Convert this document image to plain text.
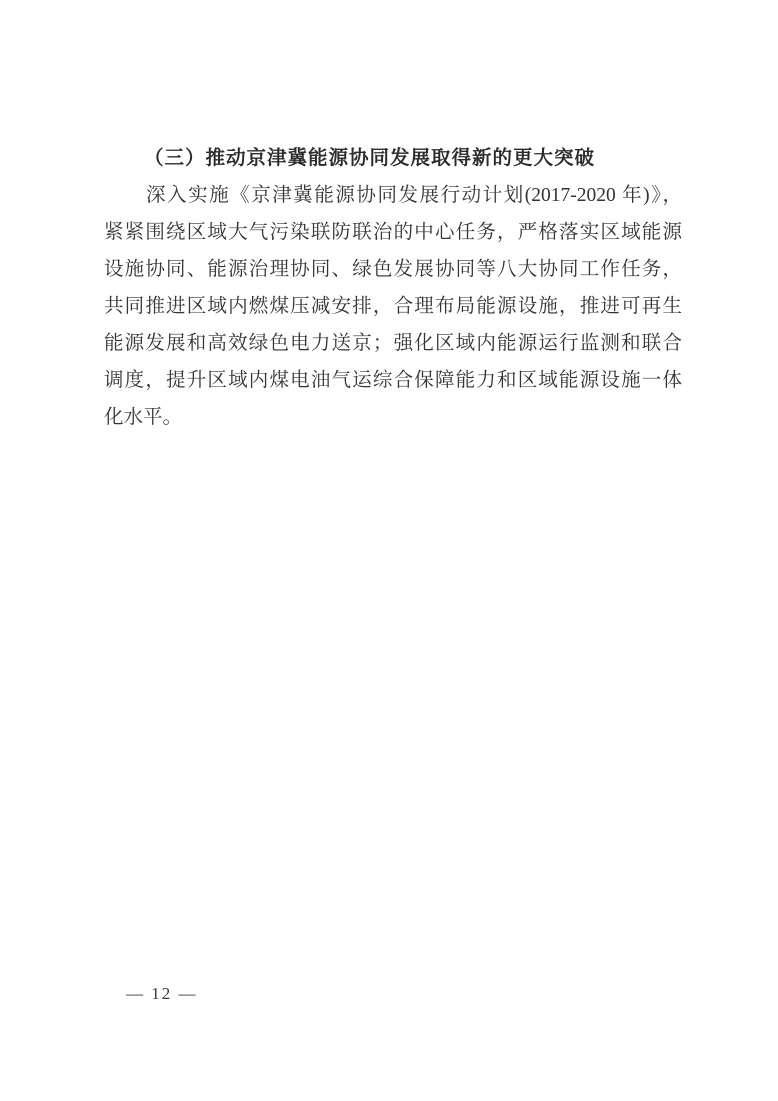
（三）推动京津冀能源协同发展取得新的更大突破
深入实施《京津冀能源协同发展行动计划(2017-2020 年)》，
紧紧围绕区域大气污染联防联治的中心任务，严格落实区域能源
设施协同、能源治理协同、绿色发展协同等八大协同工作任务，
共同推进区域内燃煤压减安排，合理布局能源设施，推进可再生
能源发展和高效绿色电力送京；强化区域内能源运行监测和联合
调度，提升区域内煤电油气运综合保障能力和区域能源设施一体
化水平。
— 12 —
